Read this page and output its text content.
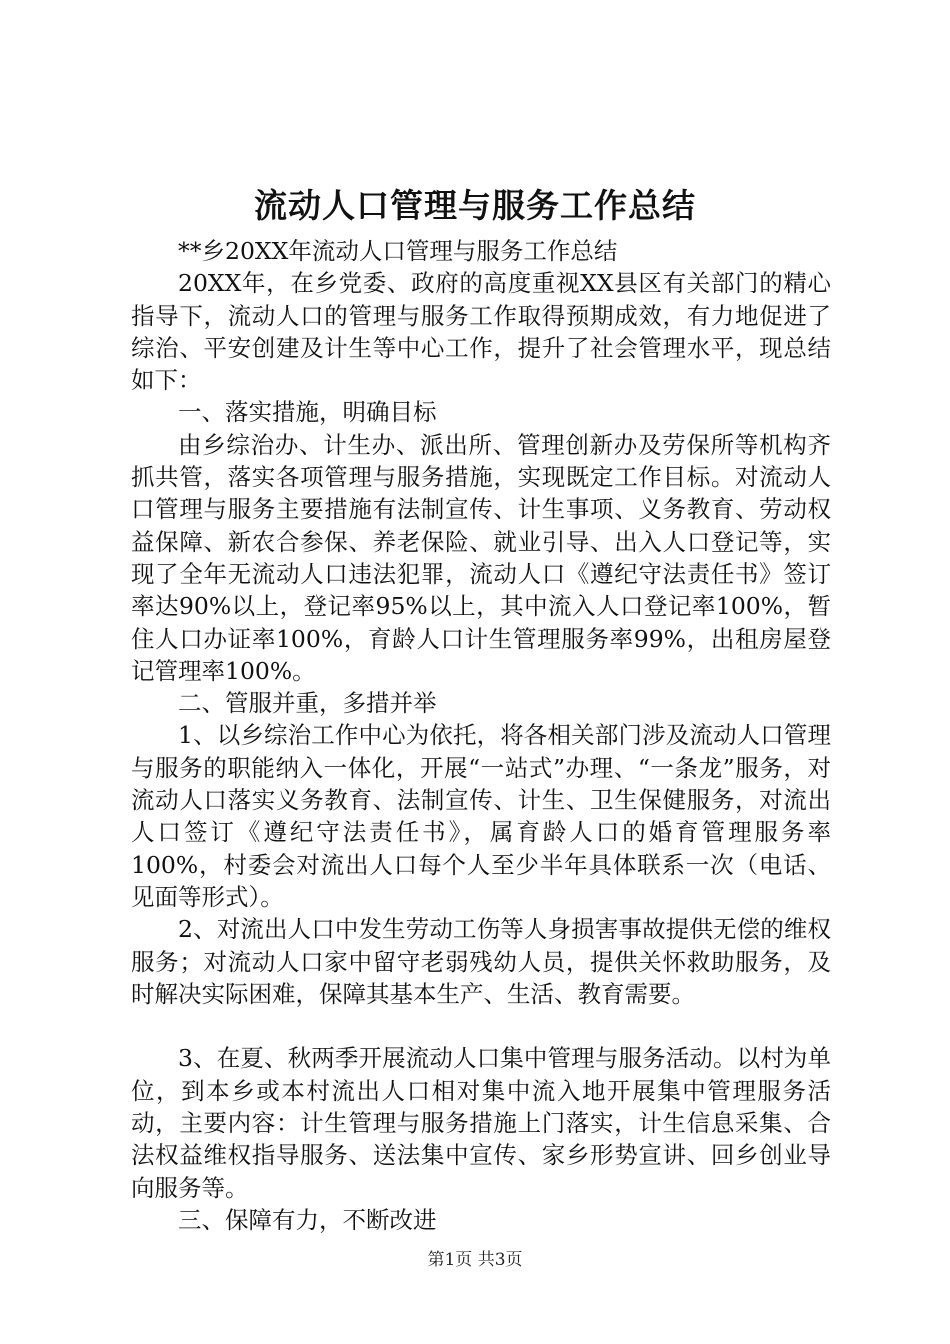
流动人口管理与服务工作总结

**乡20XX年流动人口管理与服务工作总结

20XX年，在乡党委、政府的高度重视XX县区有关部门的精心指导下，流动人口的管理与服务工作取得预期成效，有力地促进了综治、平安创建及计生等中心工作，提升了社会管理水平，现总结如下：

一、落实措施，明确目标

由乡综治办、计生办、派出所、管理创新办及劳保所等机构齐抓共管，落实各项管理与服务措施，实现既定工作目标。对流动人口管理与服务主要措施有法制宣传、计生事项、义务教育、劳动权益保障、新农合参保、养老保险、就业引导、出入人口登记等，实现了全年无流动人口违法犯罪，流动人口《遵纪守法责任书》签订率达90%以上，登记率95%以上，其中流入人口登记率100%，暂住人口办证率100%，育龄人口计生管理服务率99%，出租房屋登记管理率100%。

二、管服并重，多措并举

1、以乡综治工作中心为依托，将各相关部门涉及流动人口管理与服务的职能纳入一体化，开展“一站式”办理、“一条龙”服务，对流动人口落实义务教育、法制宣传、计生、卫生保健服务，对流出人口签订《遵纪守法责任书》，属育龄人口的婚育管理服务率100%，村委会对流出人口每个人至少半年具体联系一次（电话、见面等形式）。

2、对流出人口中发生劳动工伤等人身损害事故提供无偿的维权服务；对流动人口家中留守老弱残幼人员，提供关怀救助服务，及时解决实际困难，保障其基本生产、生活、教育需要。

3、在夏、秋两季开展流动人口集中管理与服务活动。以村为单位，到本乡或本村流出人口相对集中流入地开展集中管理服务活动，主要内容：计生管理与服务措施上门落实，计生信息采集、合法权益维权指导服务、送法集中宣传、家乡形势宣讲、回乡创业导向服务等。

三、保障有力，不断改进

第1页 共3页
